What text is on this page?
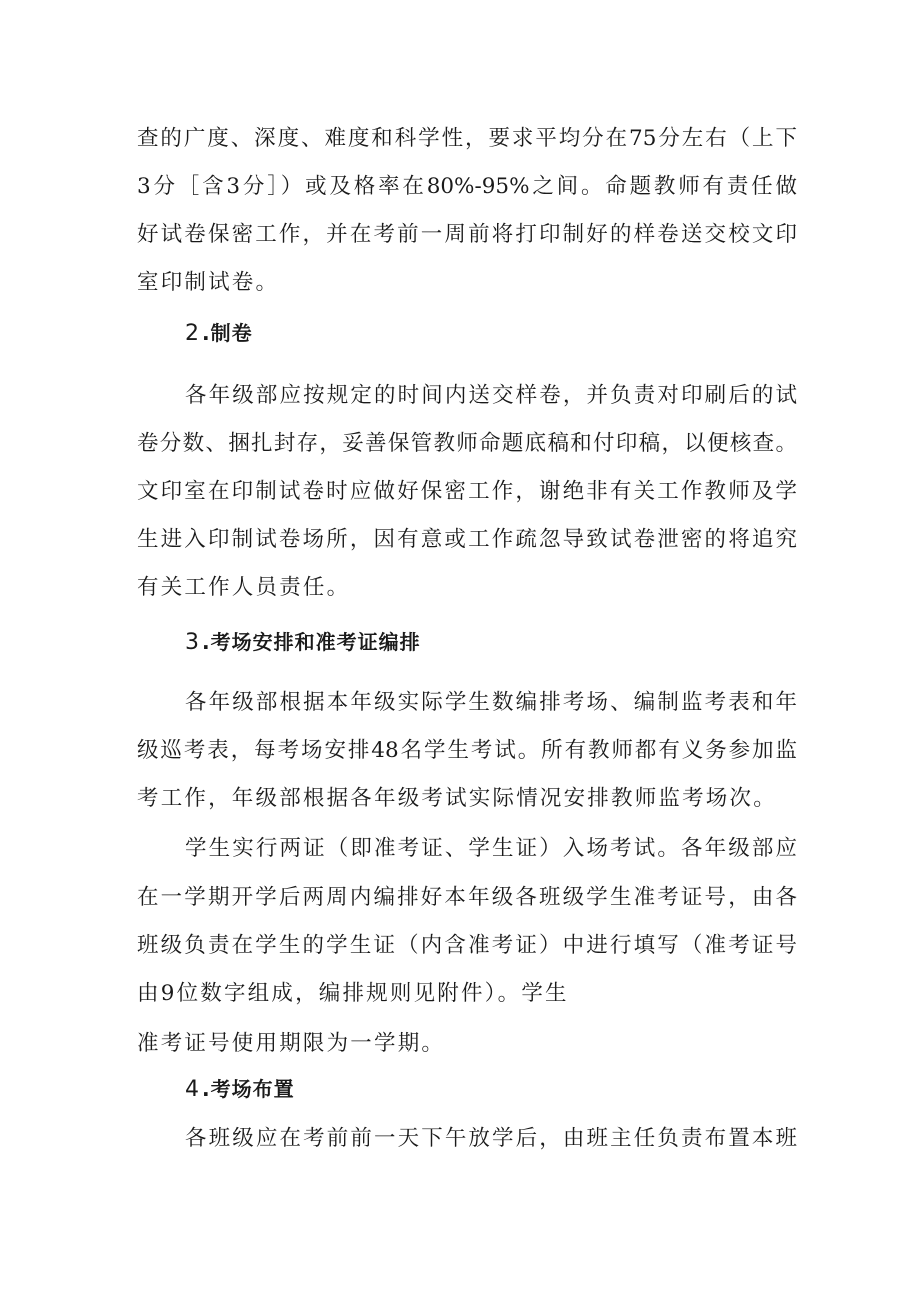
查的广度、深度、难度和科学性，要求平均分在75分左右（上下
3分［含3分］）或及格率在80%-95%之间。命题教师有责任做
好试卷保密工作，并在考前一周前将打印制好的样卷送交校文印
室印制试卷。
2 .制卷
各年级部应按规定的时间内送交样卷，并负责对印刷后的试
卷分数、捆扎封存，妥善保管教师命题底稿和付印稿，以便核查。
文印室在印制试卷时应做好保密工作，谢绝非有关工作教师及学
生进入印制试卷场所，因有意或工作疏忽导致试卷泄密的将追究
有关工作人员责任。
3 .考场安排和准考证编排
各年级部根据本年级实际学生数编排考场、编制监考表和年
级巡考表，每考场安排48名学生考试。所有教师都有义务参加监
考工作，年级部根据各年级考试实际情况安排教师监考场次。
学生实行两证（即准考证、学生证）入场考试。各年级部应
在一学期开学后两周内编排好本年级各班级学生准考证号，由各
班级负责在学生的学生证（内含准考证）中进行填写（准考证号
由9位数字组成，编排规则见附件）。学生
准考证号使用期限为一学期。
4 .考场布置
各班级应在考前前一天下午放学后，由班主任负责布置本班
